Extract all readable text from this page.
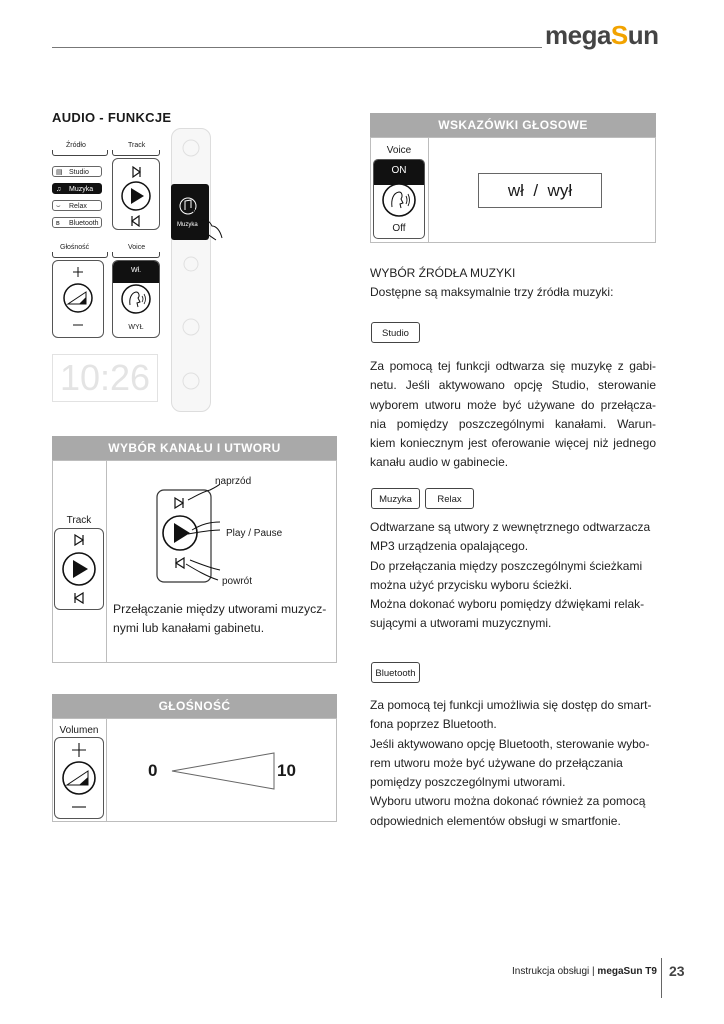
megaSun
AUDIO - FUNKCJE
Źródło	Track
▤ Studio
♫ Muzyka
⌣ Relax
ʙ Bluetooth
Głośność	Voice
Wł.
WYŁ
10:26
Muzyka
WSKAZÓWKI GŁOSOWE
Voice
ON
Off
wł  /  wył
WYBÓR KANAŁU I UTWORU
Track
naprzód
Play / Pause
powrót
Przełączanie między utworami muzycz-
nymi lub kanałami gabinetu.
GŁOŚNOŚĆ
Volumen
0	10
WYBÓR ŹRÓDŁA MUZYKI
Dostępne są maksymalnie trzy źródła muzyki:
Studio
Za pomocą tej funkcji odtwarza się muzykę z gabi-
netu. Jeśli aktywowano opcję Studio, sterowanie
wyborem utworu może być używane do przełącza-
nia pomiędzy poszczególnymi kanałami. Warun-
kiem koniecznym jest oferowanie więcej niż jednego
kanału audio w gabinecie.
Muzyka	Relax
Odtwarzane są utwory z wewnętrznego odtwarzacza
MP3 urządzenia opalającego.
Do przełączania między poszczególnymi ścieżkami
można użyć przycisku wyboru ścieżki.
Można dokonać wyboru pomiędzy dźwiękami relak-
sującymi a utworami muzycznymi.
Bluetooth
Za pomocą tej funkcji umożliwia się dostęp do smart-
fona poprzez Bluetooth.
Jeśli aktywowano opcję Bluetooth, sterowanie wybo-
rem utworu może być używane do przełączania
pomiędzy poszczególnymi utworami.
Wyboru utworu można dokonać również za pomocą
odpowiednich elementów obsługi w smartfonie.
Instrukcja obsługi | megaSun T9 23
